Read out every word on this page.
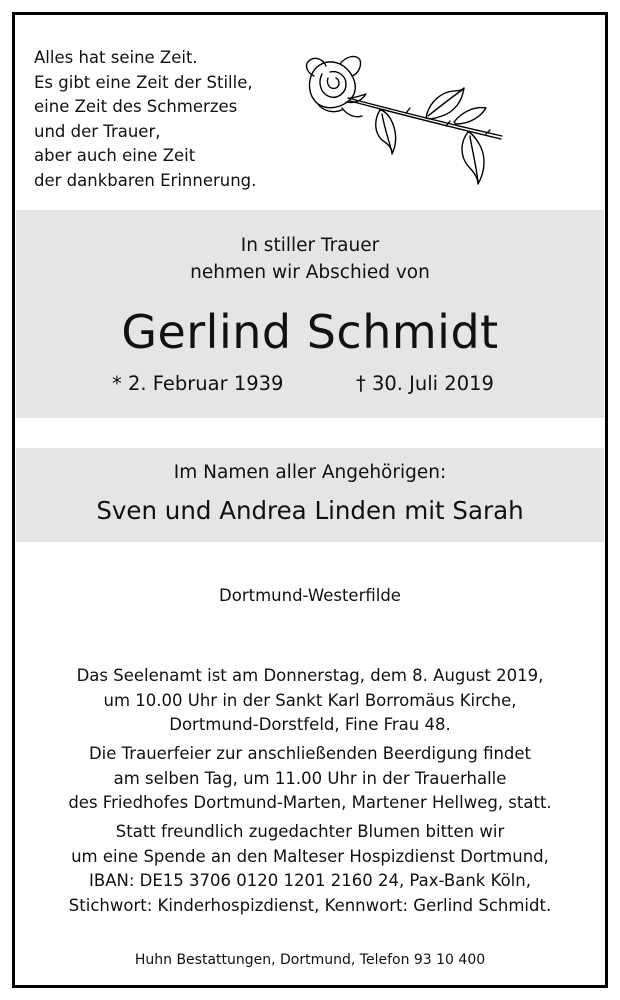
Alles hat seine Zeit.
Es gibt eine Zeit der Stille,
eine Zeit des Schmerzes
und der Trauer,
aber auch eine Zeit
der dankbaren Erinnerung.
In stiller Trauer
nehmen wir Abschied von
Gerlind Schmidt
* 2. Februar 1939	† 30. Juli 2019
Im Namen aller Angehörigen:
Sven und Andrea Linden mit Sarah
Dortmund-Westerfilde
Das Seelenamt ist am Donnerstag, dem 8. August 2019,
um 10.00 Uhr in der Sankt Karl Borromäus Kirche,
Dortmund-Dorstfeld, Fine Frau 48.
Die Trauerfeier zur anschließenden Beerdigung findet
am selben Tag, um 11.00 Uhr in der Trauerhalle
des Friedhofes Dortmund-Marten, Martener Hellweg, statt.
Statt freundlich zugedachter Blumen bitten wir
um eine Spende an den Malteser Hospizdienst Dortmund,
IBAN: DE15 3706 0120 1201 2160 24, Pax-Bank Köln,
Stichwort: Kinderhospizdienst, Kennwort: Gerlind Schmidt.
Huhn Bestattungen, Dortmund, Telefon 93 10 400
